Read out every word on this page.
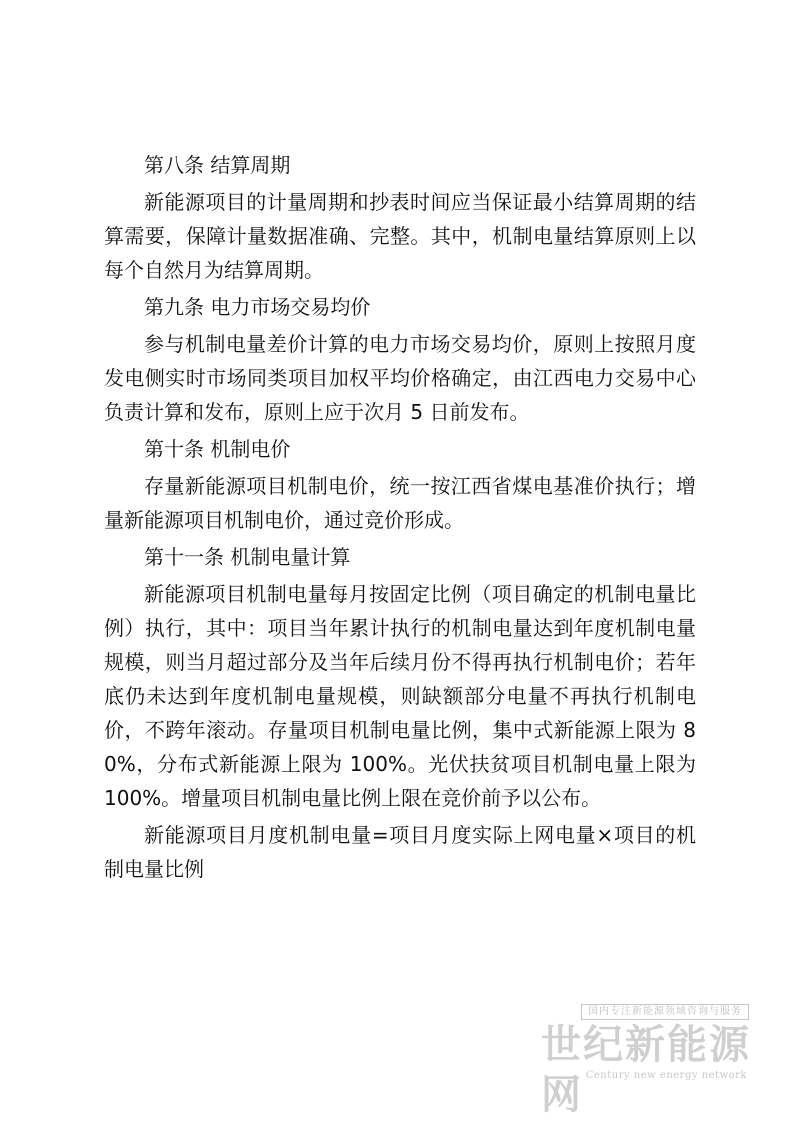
第八条 结算周期

新能源项目的计量周期和抄表时间应当保证最小结算周期的结算需要，保障计量数据准确、完整。其中，机制电量结算原则上以每个自然月为结算周期。

第九条 电力市场交易均价

参与机制电量差价计算的电力市场交易均价，原则上按照月度发电侧实时市场同类项目加权平均价格确定，由江西电力交易中心负责计算和发布，原则上应于次月 5 日前发布。

第十条 机制电价

存量新能源项目机制电价，统一按江西省煤电基准价执行；增量新能源项目机制电价，通过竞价形成。

第十一条 机制电量计算

新能源项目机制电量每月按固定比例（项目确定的机制电量比例）执行，其中：项目当年累计执行的机制电量达到年度机制电量规模，则当月超过部分及当年后续月份不得再执行机制电价；若年底仍未达到年度机制电量规模，则缺额部分电量不再执行机制电价，不跨年滚动。存量项目机制电量比例，集中式新能源上限为 80%，分布式新能源上限为 100%。光伏扶贫项目机制电量上限为 100%。增量项目机制电量比例上限在竞价前予以公布。

新能源项目月度机制电量=项目月度实际上网电量×项目的机制电量比例

国内专注新能源领域咨询与服务
世纪新能源网 Century new energy network
